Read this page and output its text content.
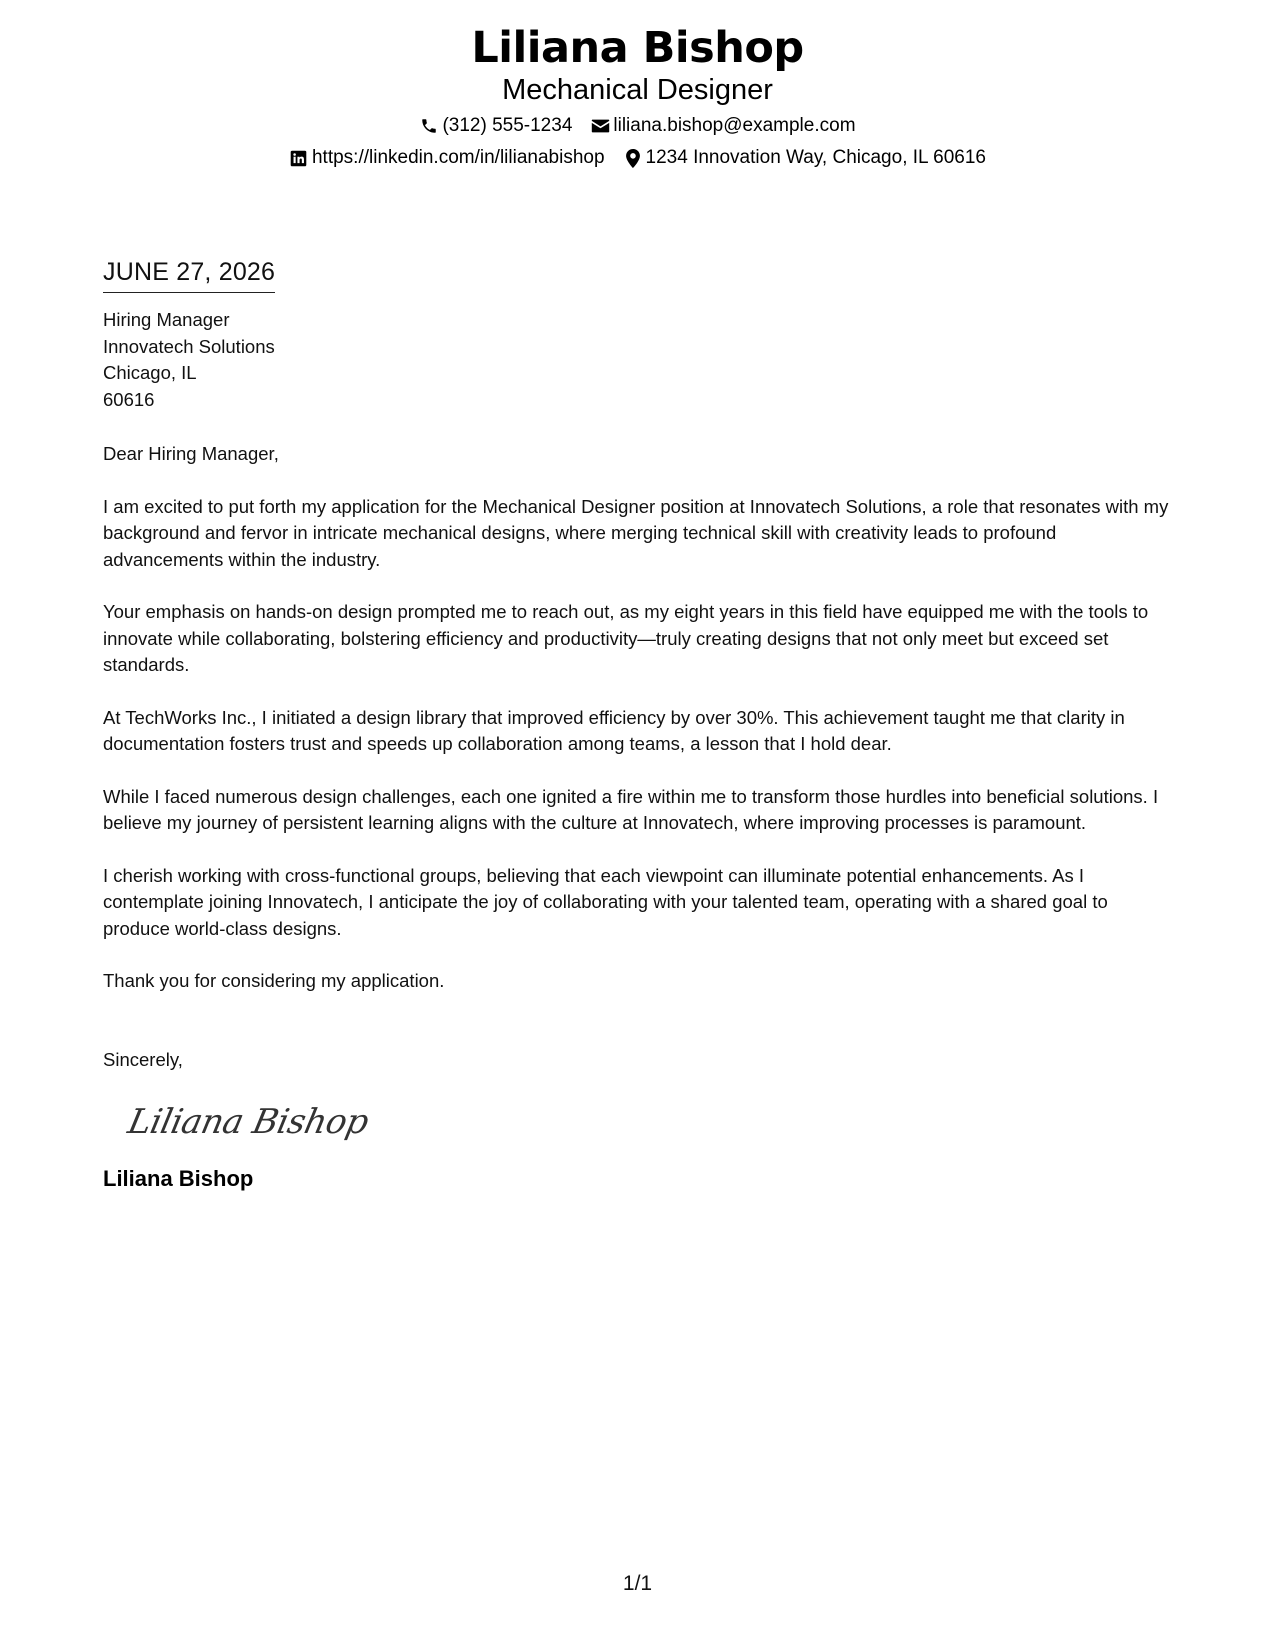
Liliana Bishop
Mechanical Designer
(312) 555-1234 liliana.bishop@example.com
https://linkedin.com/in/lilianabishop 1234 Innovation Way, Chicago, IL 60616
JUNE 27, 2026
Hiring Manager
Innovatech Solutions
Chicago, IL
60616
Dear Hiring Manager,
I am excited to put forth my application for the Mechanical Designer position at Innovatech Solutions, a role that resonates with my background and fervor in intricate mechanical designs, where merging technical skill with creativity leads to profound advancements within the industry.
Your emphasis on hands-on design prompted me to reach out, as my eight years in this field have equipped me with the tools to innovate while collaborating, bolstering efficiency and productivity—truly creating designs that not only meet but exceed set standards.
At TechWorks Inc., I initiated a design library that improved efficiency by over 30%. This achievement taught me that clarity in documentation fosters trust and speeds up collaboration among teams, a lesson that I hold dear.
While I faced numerous design challenges, each one ignited a fire within me to transform those hurdles into beneficial solutions. I believe my journey of persistent learning aligns with the culture at Innovatech, where improving processes is paramount.
I cherish working with cross-functional groups, believing that each viewpoint can illuminate potential enhancements. As I contemplate joining Innovatech, I anticipate the joy of collaborating with your talented team, operating with a shared goal to produce world-class designs.
Thank you for considering my application.
Sincerely,
Liliana Bishop
Liliana Bishop
1/1
